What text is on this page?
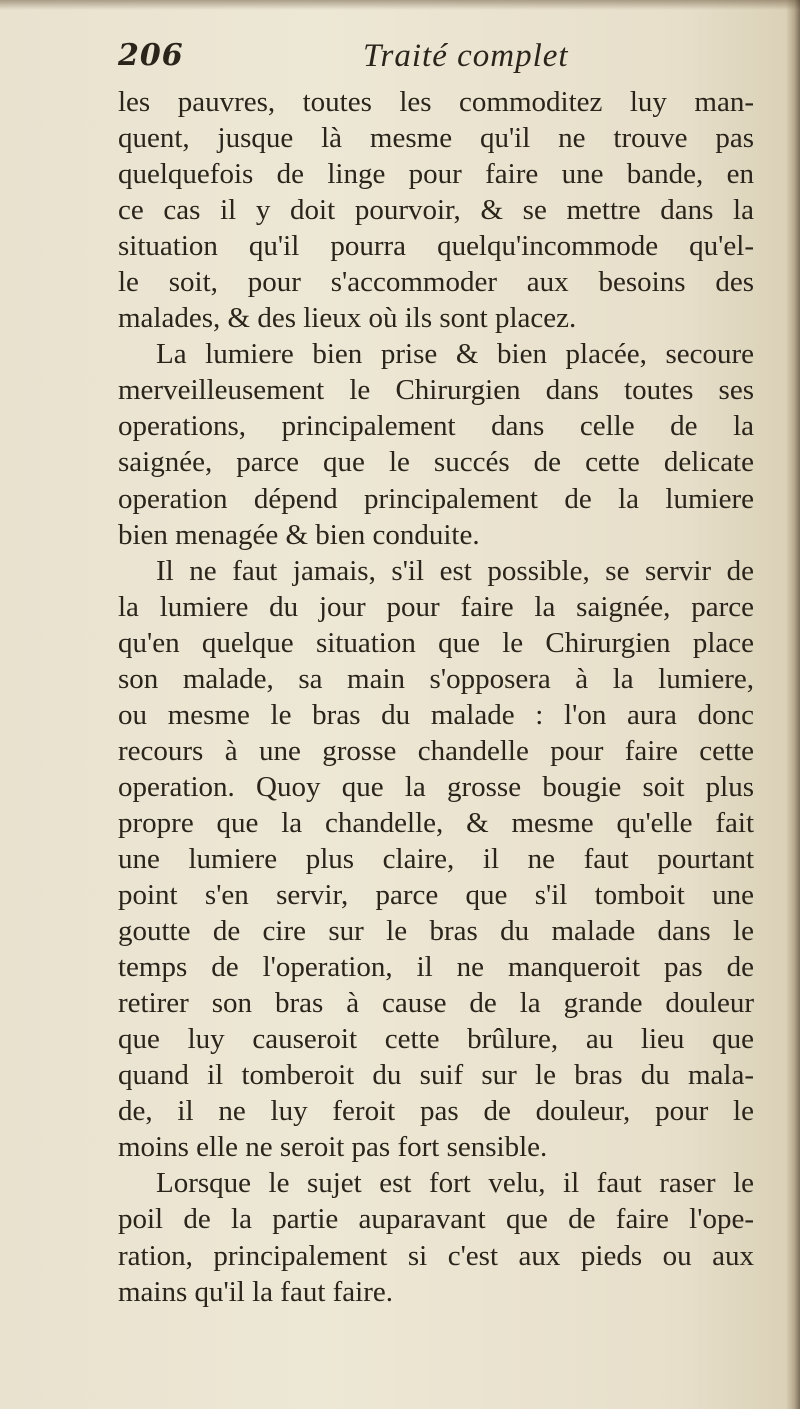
206	Traité complet
les pauvres, toutes les commoditez luy man-
quent, jusque là mesme qu'il ne trouve pas
quelquefois de linge pour faire une bande, en
ce cas il y doit pourvoir, & se mettre dans la
situation qu'il pourra quelqu'incommode qu'el-
le soit, pour s'accommoder aux besoins des
malades, & des lieux où ils sont placez.
La lumiere bien prise & bien placée, secoure
merveilleusement le Chirurgien dans toutes ses
operations, principalement dans celle de la
saignée, parce que le succés de cette delicate
operation dépend principalement de la lumiere
bien menagée & bien conduite.
Il ne faut jamais, s'il est possible, se servir de
la lumiere du jour pour faire la saignée, parce
qu'en quelque situation que le Chirurgien place
son malade, sa main s'opposera à la lumiere,
ou mesme le bras du malade : l'on aura donc
recours à une grosse chandelle pour faire cette
operation. Quoy que la grosse bougie soit plus
propre que la chandelle, & mesme qu'elle fait
une lumiere plus claire, il ne faut pourtant
point s'en servir, parce que s'il tomboit une
goutte de cire sur le bras du malade dans le
temps de l'operation, il ne manqueroit pas de
retirer son bras à cause de la grande douleur
que luy causeroit cette brûlure, au lieu que
quand il tomberoit du suif sur le bras du mala-
de, il ne luy feroit pas de douleur, pour le
moins elle ne seroit pas fort sensible.
Lorsque le sujet est fort velu, il faut raser le
poil de la partie auparavant que de faire l'ope-
ration, principalement si c'est aux pieds ou aux
mains qu'il la faut faire.
